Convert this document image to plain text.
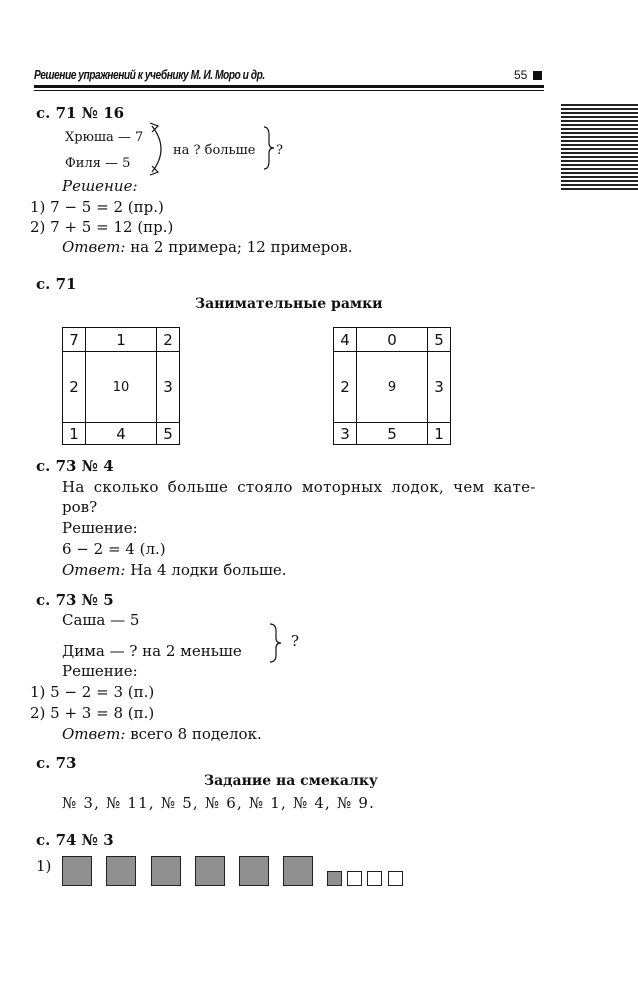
Решение упражнений к учебнику М. И. Моро и др.	55
с. 71 № 16
Хрюша — 7
Филя — 5
на ? больше ?
Решение:
1) 7 − 5 = 2 (пр.)
2) 7 + 5 = 12 (пр.)
Ответ: на 2 примера; 12 примеров.
с. 71
Занимательные рамки
7	1	2
2	10	3
1	4	5
4	0	5
2	9	3
3	5	1
с. 73 № 4
На сколько больше стояло моторных лодок, чем кате-
ров?
Решение:
6 − 2 = 4 (л.)
Ответ: На 4 лодки больше.
с. 73 № 5
Саша — 5
Дима — ? на 2 меньше
?
Решение:
1) 5 − 2 = 3 (п.)
2) 5 + 3 = 8 (п.)
Ответ: всего 8 поделок.
с. 73
Задание на смекалку
№ 3, № 11, № 5, № 6, № 1, № 4, № 9.
с. 74 № 3
1)
